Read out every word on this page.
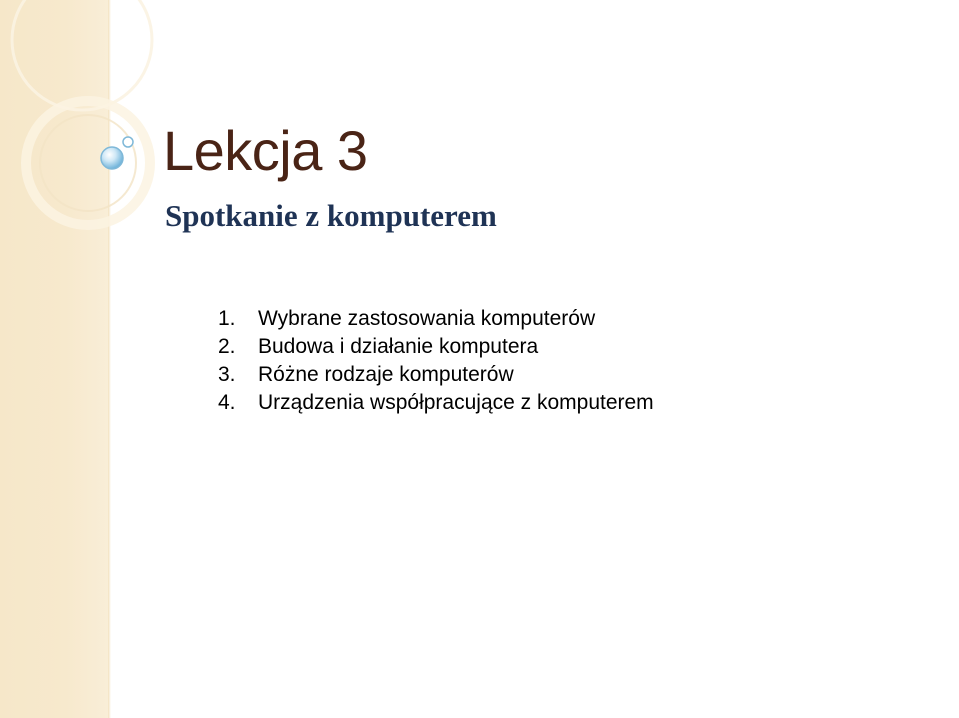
Lekcja 3
Spotkanie z komputerem
1.	Wybrane zastosowania komputerów
2.	Budowa i działanie komputera
3.	Różne rodzaje komputerów
4.	Urządzenia współpracujące z komputerem
